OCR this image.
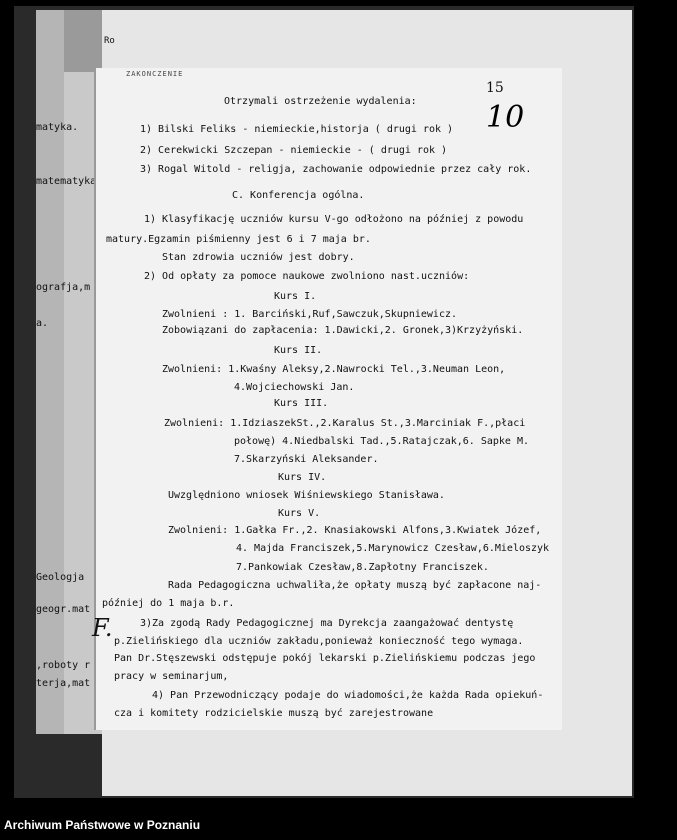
matyka.
matematyka
ografja,m
a.
Geologja
geogr.mat
,roboty r
terja,mat
Ro
ZAKONCZENIE
15
10
Otrzymali ostrzeżenie wydalenia:
1) Bilski Feliks - niemieckie,historja ( drugi rok )
2) Cerekwicki Szczepan - niemieckie - ( drugi rok )
3) Rogal Witold - religja, zachowanie odpowiednie przez cały rok.
C. Konferencja ogólna.
1) Klasyfikację uczniów kursu V-go odłożono na później z powodu
matury.Egzamin piśmienny jest 6 i 7 maja br.
Stan zdrowia uczniów jest dobry.
2) Od opłaty za pomoce naukowe zwolniono nast.uczniów:
Kurs I.
Zwolnieni : 1. Barciński,Ruf,Sawczuk,Skupniewicz.
Zobowiązani do zapłacenia: 1.Dawicki,2. Gronek,3)Krzyżyński.
Kurs II.
Zwolnieni: 1.Kwaśny Aleksy,2.Nawrocki Tel.,3.Neuman Leon,
4.Wojciechowski Jan.
Kurs III.
Zwolnieni: 1.IdziaszekSt.,2.Karalus St.,3.Marciniak F.,płaci
połowę) 4.Niedbalski Tad.,5.Ratajczak,6. Sapke M.
7.Skarzyński Aleksander.
Kurs IV.
Uwzględniono wniosek Wiśniewskiego Stanisława.
Kurs V.
Zwolnieni: 1.Gałka Fr.,2. Knasiakowski Alfons,3.Kwiatek Józef,
4. Majda Franciszek,5.Marynowicz Czesław,6.Mieloszyk
7.Pankowiak Czesław,8.Zapłotny Franciszek.
Rada Pedagogiczna uchwaliła,że opłaty muszą być zapłacone naj-
później do 1 maja b.r.
3)Za zgodą Rady Pedagogicznej ma Dyrekcja zaangażować dentystę
p.Zielińskiego dla uczniów zakładu,ponieważ konieczność tego wymaga.
Pan Dr.Stęszewski odstępuje pokój lekarski p.Zielińskiemu podczas jego
pracy w seminarjum,
4) Pan Przewodniczący podaje do wiadomości,że każda Rada opiekuń-
cza i komitety rodzicielskie muszą być zarejestrowane
F.
Archiwum Państwowe w Poznaniu
